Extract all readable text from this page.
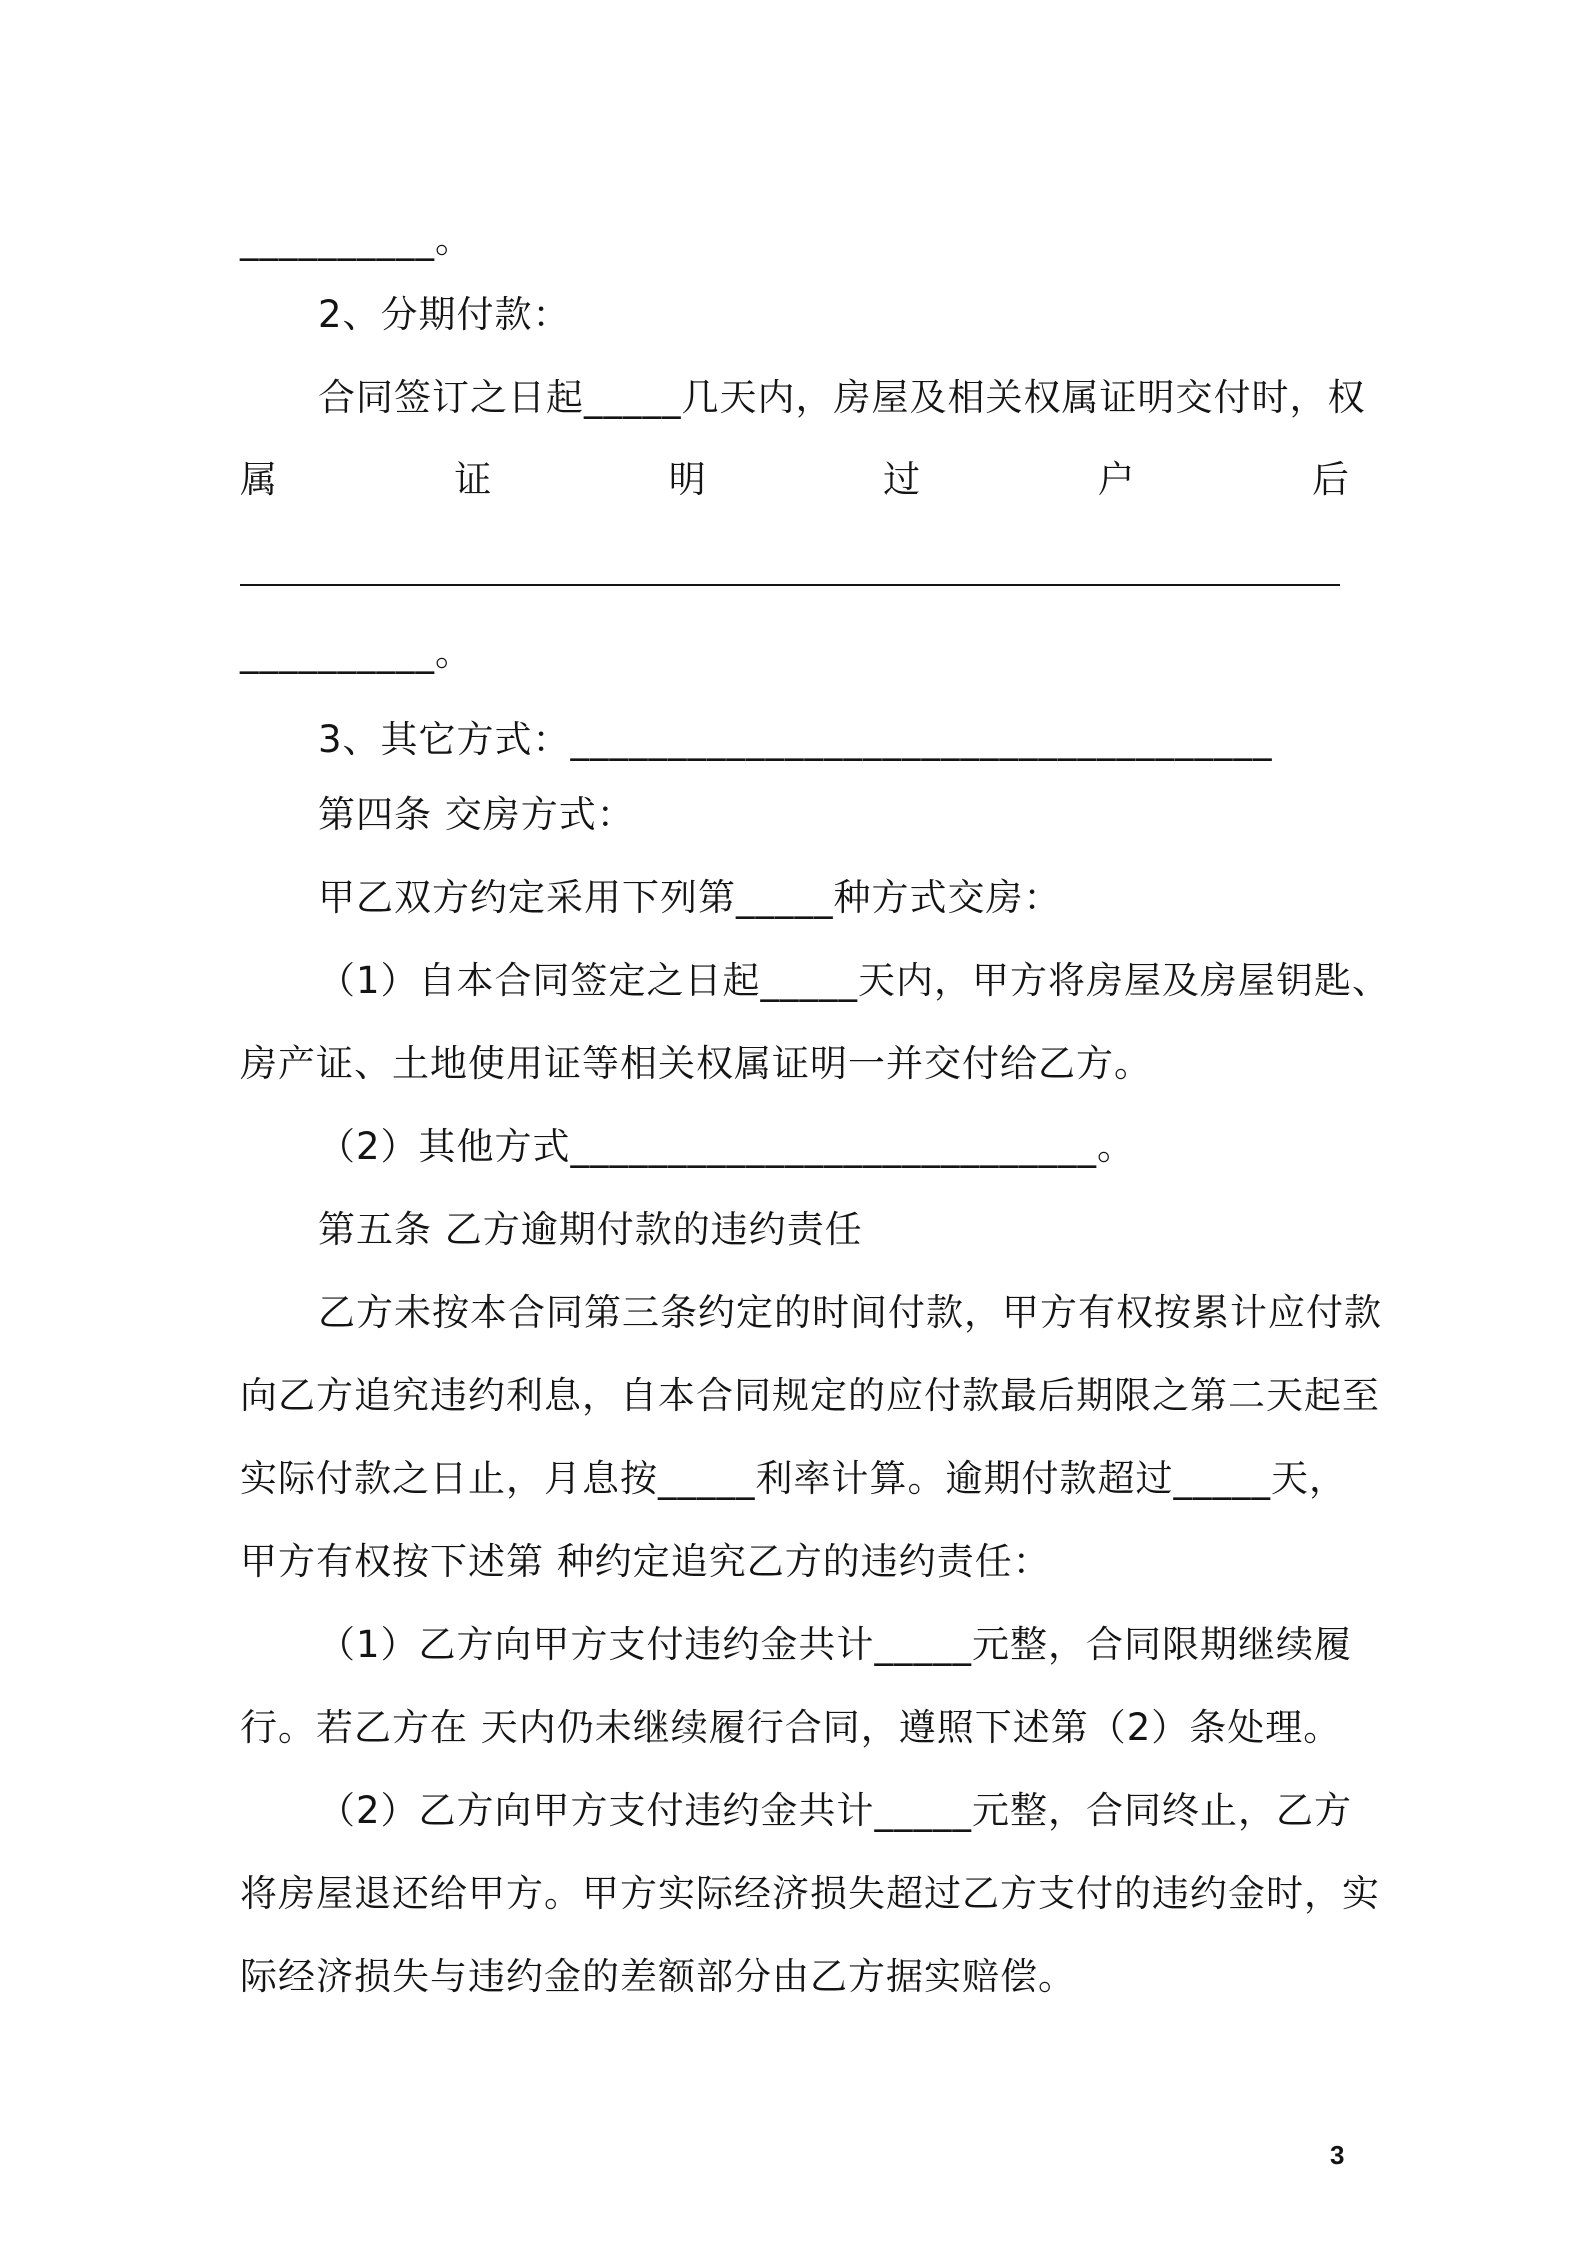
__________。
2、分期付款：
合同签订之日起_____几天内，房屋及相关权属证明交付时，权
属	证	明	过	户	后
__________。
3、其它方式：____________________________________
第四条 交房方式：
甲乙双方约定采用下列第_____种方式交房：
（1）自本合同签定之日起_____天内，甲方将房屋及房屋钥匙、
房产证、土地使用证等相关权属证明一并交付给乙方。
（2）其他方式___________________________。
第五条 乙方逾期付款的违约责任
乙方未按本合同第三条约定的时间付款，甲方有权按累计应付款
向乙方追究违约利息，自本合同规定的应付款最后期限之第二天起至
实际付款之日止，月息按_____利率计算。逾期付款超过_____天，
甲方有权按下述第 种约定追究乙方的违约责任：
（1）乙方向甲方支付违约金共计_____元整，合同限期继续履
行。若乙方在 天内仍未继续履行合同，遵照下述第（2）条处理。
（2）乙方向甲方支付违约金共计_____元整，合同终止，乙方
将房屋退还给甲方。甲方实际经济损失超过乙方支付的违约金时，实
际经济损失与违约金的差额部分由乙方据实赔偿。
3
